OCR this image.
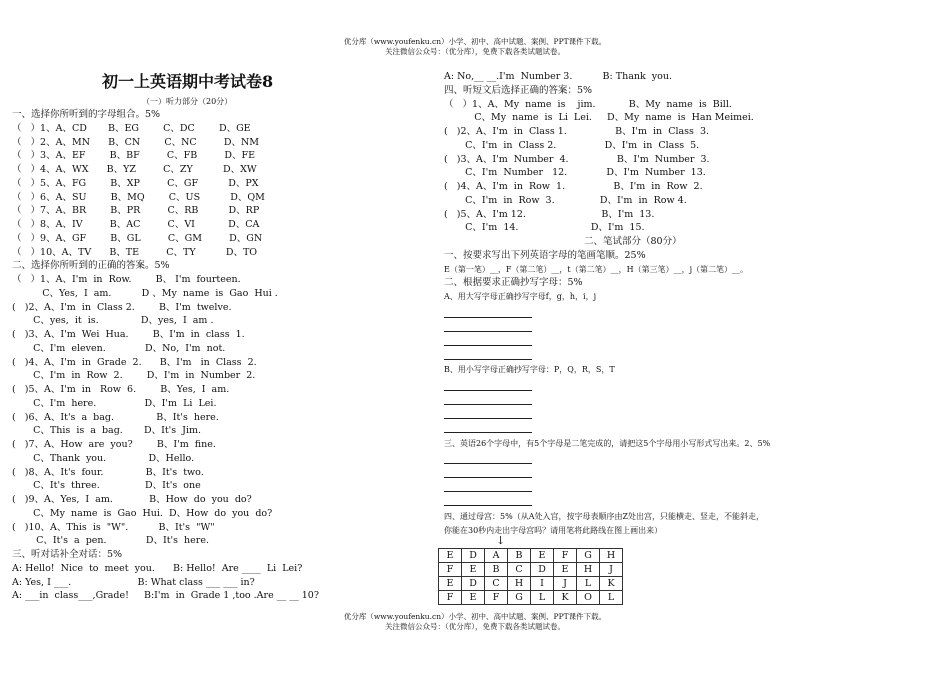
优分库（www.youfenku.cn）小学、初中、高中试题、案例、PPT课件下载。
关注微信公众号：（优分库），免费下载各类试题试卷。
初一上英语期中考试卷8
（一）听力部分（20分）
一、选择你所听到的字母组合。5%
（   ）1、A、CD       B、EG        C、DC        D、GE
（   ）2、A、MN      B、CN        C、NC         D、NM
（   ）3、A、EF        B、BF         C、FB         D、FE
（   ）4、A、WX      B、YZ         C、ZY          D、XW
（   ）5、A、FG        B、XP         C、GF          D、PX
（   ）6、A、SU        B、MQ        C、US          D、QM
（   ）7、A、BR        B、PR         C、RB          D、RP
（   ）8、A、IV         B、AC         C、VI           D、CA
（   ）9、A、GF        B、GL         C、GM         D、GN
（   ）10、A、TV      B、TE         C、TY          D、TO
二、选择你所听到的正确的答案。5%
（   ）1、A、I'm  in  Row.        B、 I'm  fourteen.
C、Yes,  I  am.          D 、My  name  is  Gao  Hui .
(   )2、A、I'm  in  Class 2.        B、I'm  twelve.
C、yes,  it  is.              D、yes,  I  am .
(   )3、A、I'm  Wei  Hua.        B、I'm  in  class  1.
C、I'm  eleven.             D、No,  I'm  not.
(   )4、A、I'm  in  Grade  2.      B、I'm   in  Class  2.
C、I'm  in  Row  2.        D、I'm  in  Number  2.
(   )5、A、I'm  in   Row  6.        B、Yes,  I  am.
C、I'm  here.                D、I'm  Li  Lei.
(   )6、A、It's  a  bag.              B、It's  here.
C、This  is  a  bag.       D、It's  Jim.
(   )7、A、How  are  you?        B、I'm  fine.
C、Thank  you.              D、Hello.
(   )8、A、It's  four.              B、It's  two.
C、It's  three.               D、It's  one
(   )9、A、Yes,  I  am.            B、How  do  you  do?
C、My  name  is  Gao  Hui.  D、How  do  you  do?
(   )10、A、This  is  "W".          B、It's  "W"
C、It's  a  pen.             D、It's  here.
三、听对话补全对话：5%
A: Hello!  Nice  to  meet  you.      B: Hello!  Are ____  Li  Lei?
A: Yes, I ___.                      B: What class ___ ___ in?
A: ___in  class___,Grade!     B:I'm  in  Grade 1 ,too .Are __ __ 10?
A: No,__ __.I'm  Number 3.          B: Thank  you.
四、听短文后选择正确的答案：5%
（   ）1、A、My  name  is    jim.           B、My  name  is  Bill.
C、My  name  is  Li  Lei.     D、My  name  is  Han Meimei.
(   )2、A、I'm  in  Class 1.                B、I'm  in  Class  3.
C、I'm  in  Class 2.                D、I'm  in  Class  5.
(   )3、A、I'm  Number  4.                B、I'm  Number  3.
C、I'm  Number   12.             D、I'm  Number  13.
(   )4、A、I'm  in  Row  1.                B、I'm  in  Row  2.
C、I'm  in  Row  3.               D、I'm  in  Row 4.
(   )5、A、I'm 12.                         B、I'm  13.
C、I'm  14.                        D、I'm  15.
二、笔试部分（80分）
一、按要求写出下列英语字母的笔画笔顺。25%
E（第一笔）__，F（第二笔）__，t（第二笔）__，H（第三笔）__，j（第二笔）__。
二、根据要求正确抄写字母：5%
A、用大写字母正确抄写字母f，g，h，i，j
B、用小写字母正确抄写字母：P，Q，R，S，T
三、英语26个字母中，有5个字母是二笔完成的，请把这5个字母用小写形式写出来。2、5%
四、通过母宫：5%（从A处入宫，按字母表顺序由Z处出宫，只能横走、竖走，不能斜走，
你能在30秒内走出字母宫吗？请用笔将此路线在图上画出来）
↓
E	D	A	B	E	F	G	H
F	E	B	C	D	E	H	J
E	D	C	H	I	J	L	K
F	E	F	G	L	K	O	L
优分库（www.youfenku.cn）小学、初中、高中试题、案例、PPT课件下载。
关注微信公众号：（优分库），免费下载各类试题试卷。
